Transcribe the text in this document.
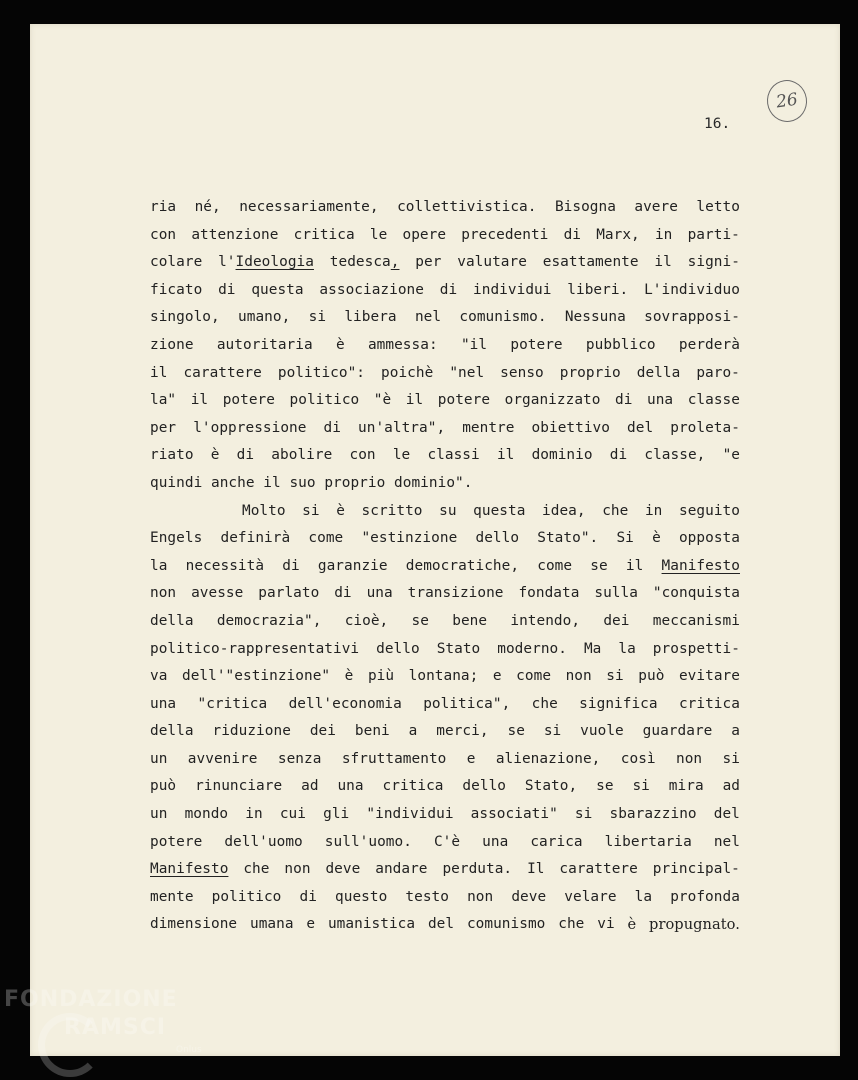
26
16.
ria né, necessariamente, collettivistica. Bisogna avere letto
con attenzione critica le opere precedenti di Marx, in parti-
colare l'Ideologia tedesca, per valutare esattamente il signi-
ficato di questa associazione di individui liberi. L'individuo
singolo, umano, si libera nel comunismo. Nessuna sovrapposi-
zione autoritaria è ammessa: "il potere pubblico perderà
il carattere politico": poichè "nel senso proprio della paro-
la" il potere politico "è il potere organizzato di una classe
per l'oppressione di un'altra", mentre obiettivo del proleta-
riato è di abolire con le classi il dominio di classe, "e
quindi anche il suo proprio dominio".
Molto si è scritto su questa idea, che in seguito
Engels definirà come "estinzione dello Stato". Si è opposta
la necessità di garanzie democratiche, come se il Manifesto
non avesse parlato di una transizione fondata sulla "conquista
della democrazia", cioè, se bene intendo, dei meccanismi
politico-rappresentativi dello Stato moderno. Ma la prospetti-
va dell'"estinzione" è più lontana; e come non si può evitare
una "critica dell'economia politica", che significa critica
della riduzione dei beni a merci, se si vuole guardare a
un avvenire senza sfruttamento e alienazione, così non si
può rinunciare ad una critica dello Stato, se si mira ad
un mondo in cui gli "individui associati" si sbarazzino del
potere dell'uomo sull'uomo. C'è una carica libertaria nel
Manifesto che non deve andare perduta. Il carattere principal-
mente politico di questo testo non deve velare la profonda
dimensione umana e umanistica del comunismo che vi è propugnato.
FONDAZIONE
RAMSCI
Onlus
